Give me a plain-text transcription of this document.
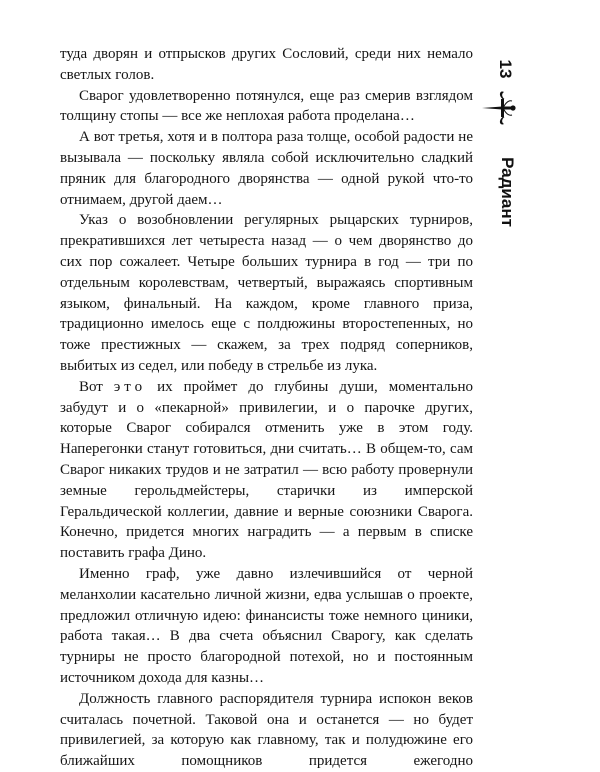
туда дворян и отпрысков других Сословий, среди них немало светлых голов.

Сварог удовлетворенно потянулся, еще раз смерив взглядом толщину стопы — все же неплохая работа проделана…

А вот третья, хотя и в полтора раза толще, особой радости не вызывала — поскольку являла собой исключительно сладкий пряник для благородного дворянства — одной рукой что-то отнимаем, другой даем…

Указ о возобновлении регулярных рыцарских турниров, прекратившихся лет четыреста назад — о чем дворянство до сих пор сожалеет. Четыре больших турнира в год — три по отдельным королевствам, четвертый, выражаясь спортивным языком, финальный. На каждом, кроме главного приза, традиционно имелось еще с полдюжины второстепенных, но тоже престижных — скажем, за трех подряд соперников, выбитых из седел, или победу в стрельбе из лука.

Вот это их проймет до глубины души, моментально забудут и о «пекарной» привилегии, и о парочке других, которые Сварог собирался отменить уже в этом году. Наперегонки станут готовиться, дни считать… В общем-то, сам Сварог никаких трудов и не затратил — всю работу провернули земные герольдмейстеры, старички из имперской Геральдической коллегии, давние и верные союзники Сварога. Конечно, придется многих наградить — а первым в списке поставить графа Дино.

Именно граф, уже давно излечившийся от черной меланхолии касательно личной жизни, едва услышав о проекте, предложил отличную идею: финансисты тоже немного циники, работа такая… В два счета объяснил Сварогу, как сделать турниры не просто благородной потехой, но и постоянным источником дохода для казны…

Должность главного распорядителя турнира испокон веков считалась почетной. Таковой она и останется — но будет привилегией, за которую как главному, так и полудюжине его ближайших помощников придется ежегодно

13
Радиант
